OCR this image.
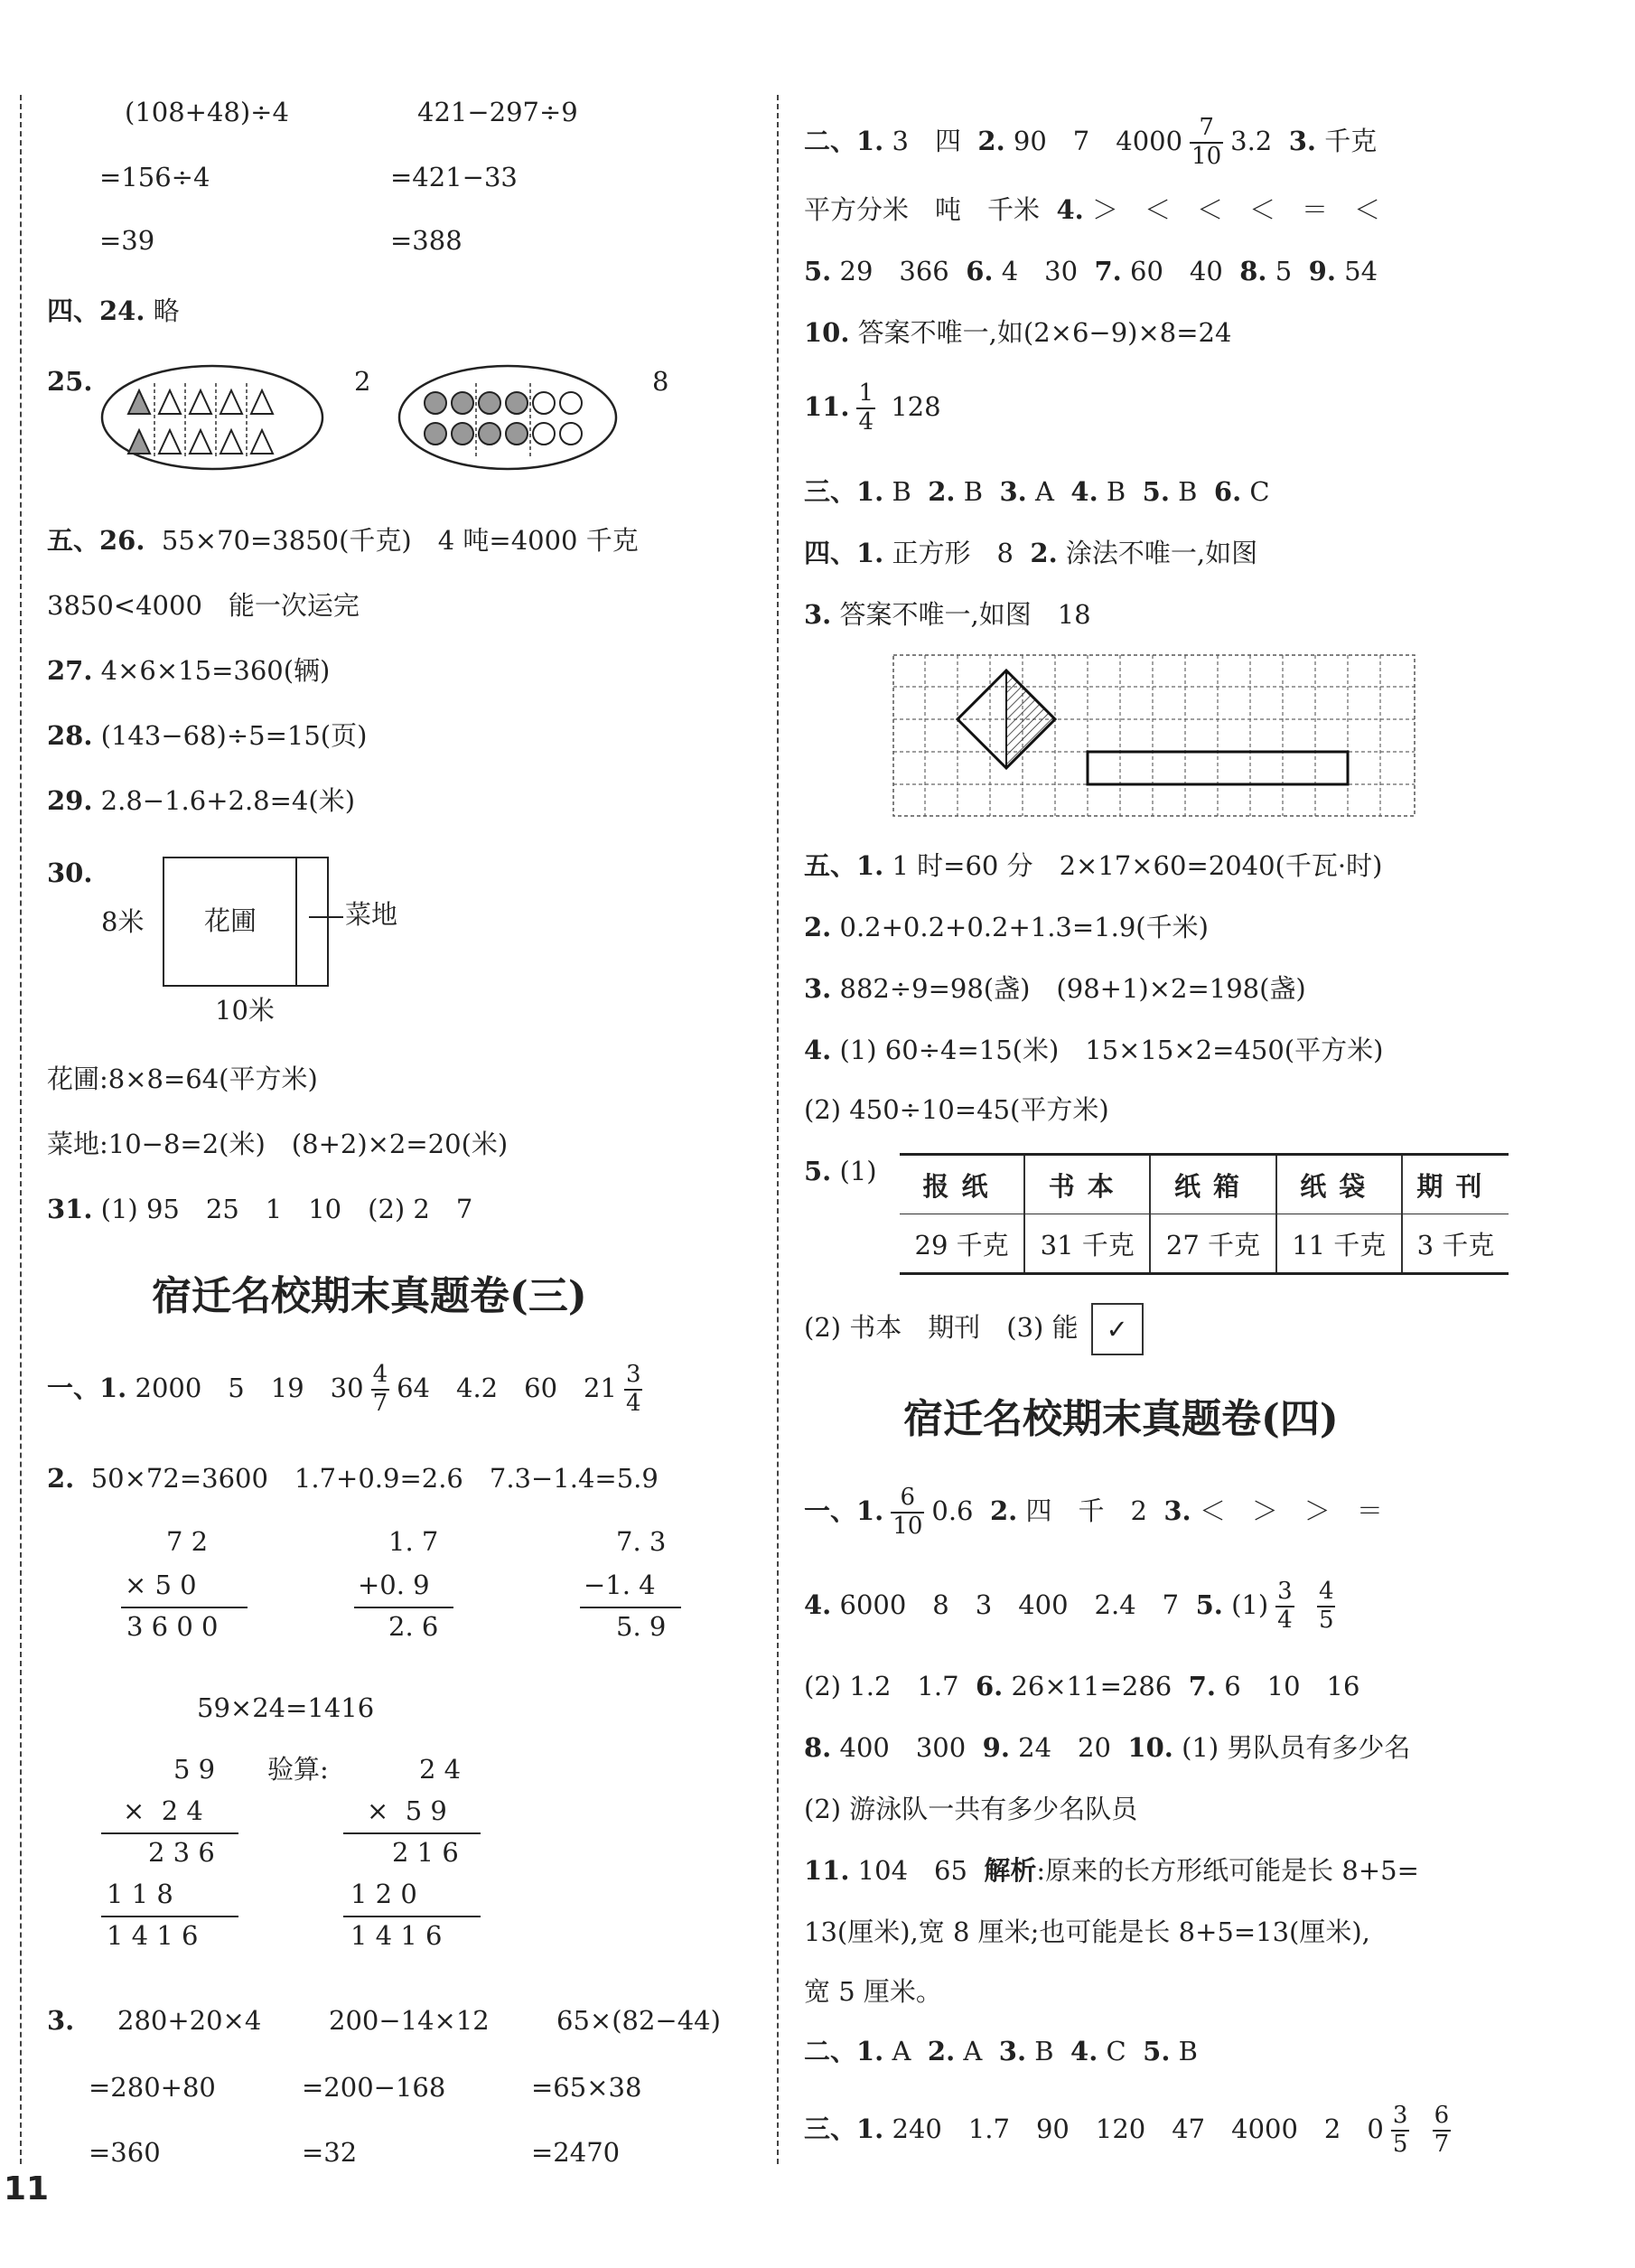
(108+48)÷4	421−297÷9
=156÷4	=421−33
=39	=388
四、24. 略
25.	2	8
五、26. 55×70=3850(千克)　4 吨=4000 千克
3850<4000　能一次运完
27. 4×6×15=360(辆)
28. (143−68)÷5=15(页)
29. 2.8−1.6+2.8=4(米)
30.
花圃
8米	菜地
10米
花圃:8×8=64(平方米)
菜地:10−8=2(米)　(8+2)×2=20(米)
31. (1) 95　25　1　10　(2) 2　7
宿迁名校期末真题卷(三)
一、1. 2000　5　19　$30 \frac{4}{7} 64$　4.2　60　$21 \frac{3}{4}$
2. 50×72=3600　1.7+0.9=2.6　7.3−1.4=5.9
7 2
× 5 0
3 6 0 0
1. 7
+0. 9
2. 6
7. 3
−1. 4
5. 9
59×24=1416
5 9 验算:
×  2 4
2 3 6
1 1 8
1 4 1 6
2 4
×  5 9
2 1 6
1 2 0
1 4 1 6
3. 280+20×4
=280+80
=360
200−14×12
=200−168
=32
65×(82−44)
=65×38
=2470
11
二、1. 3　四 2. 90　7　$4000 \frac{7}{10} 3.2$ 3. 千克
平方分米　吨　千米 4. ＞　＜　＜　＜　＝　＜
5. 29　366 6. 4　30 7. 60　40 8. 5 9. 54
10. 答案不唯一,如(2×6−9)×8=24
11. $\frac{1}{4} 128$
三、1. B 2. B 3. A 4. B 5. B 6. C
四、1. 正方形　8 2. 涂法不唯一,如图
3. 答案不唯一,如图　18
五、1. 1 时=60 分　2×17×60=2040(千瓦·时)
2. 0.2+0.2+0.2+1.3=1.9(千米)
3. 882÷9=98(盏)　(98+1)×2=198(盏)
4. (1) 60÷4=15(米)　15×15×2=450(平方米)
(2) 450÷10=45(平方米)
5. (1) 报纸	书本	纸箱	纸袋	期刊
29 千克	31 千克	27 千克	11 千克	3 千克
(2) 书本　期刊　(3) 能 ✓
宿迁名校期末真题卷(四)
一、1. $\frac{6}{10} 0.6$ 2. 四　千　2 3. ＜　＞　＞　＝
4. 6000　8　3　400　2.4　7 5. $(1) \frac{3}{4}$
$\frac{4}{5}$
(2) 1.2　1.7 6. 26×11=286 7. 6　10　16
8. 400　300 9. 24　20 10. (1) 男队员有多少名
(2) 游泳队一共有多少名队员
11. 104　65 解析:原来的长方形纸可能是长 8+5=
13(厘米),宽 8 厘米;也可能是长 8+5=13(厘米),
宽 5 厘米。
二、1. A 2. A 3. B 4. C 5. B
三、1. 240　1.7　90　120　47　4000　2　$0 \frac{3}{5}$
$\frac{6}{7}$
